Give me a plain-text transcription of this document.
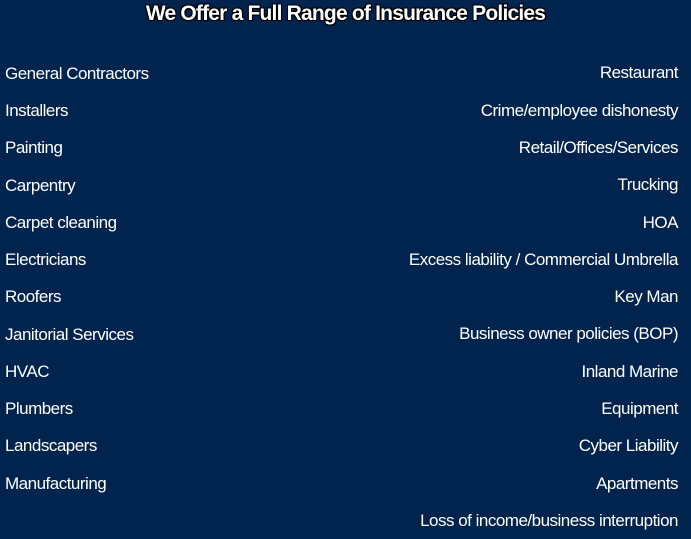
We Offer a Full Range of Insurance Policies
General Contractors
Installers
Painting
Carpentry
Carpet cleaning
Electricians
Roofers
Janitorial Services
HVAC
Plumbers
Landscapers
Manufacturing
Restaurant
Crime/employee dishonesty
Retail/Offices/Services
Trucking
HOA
Excess liability / Commercial Umbrella
Key Man
Business owner policies (BOP)
Inland Marine
Equipment
Cyber Liability
Apartments
Loss of income/business interruption
